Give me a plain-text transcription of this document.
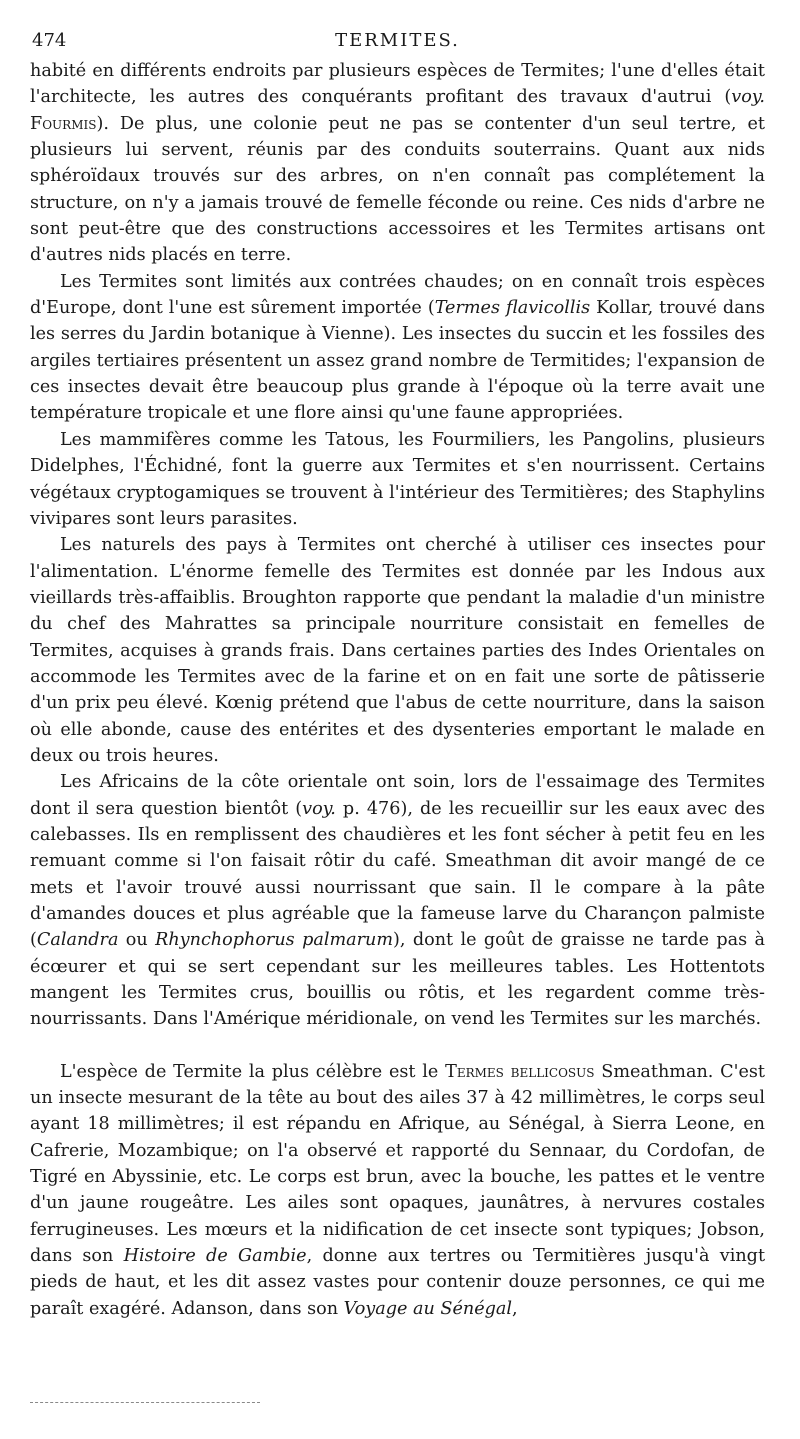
474	TERMITES.

habité en différents endroits par plusieurs espèces de Termites; l'une d'elles était l'architecte, les autres des conquérants profitant des travaux d'autrui (voy. Fourmis). De plus, une colonie peut ne pas se contenter d'un seul tertre, et plusieurs lui servent, réunis par des conduits souterrains. Quant aux nids sphéroïdaux trouvés sur des arbres, on n'en connaît pas complétement la structure, on n'y a jamais trouvé de femelle féconde ou reine. Ces nids d'arbre ne sont peut-être que des constructions accessoires et les Termites artisans ont d'autres nids placés en terre.

Les Termites sont limités aux contrées chaudes; on en connaît trois espèces d'Europe, dont l'une est sûrement importée (Termes flavicollis Kollar, trouvé dans les serres du Jardin botanique à Vienne). Les insectes du succin et les fossiles des argiles tertiaires présentent un assez grand nombre de Termitides; l'expansion de ces insectes devait être beaucoup plus grande à l'époque où la terre avait une température tropicale et une flore ainsi qu'une faune appropriées.

Les mammifères comme les Tatous, les Fourmiliers, les Pangolins, plusieurs Didelphes, l'Échidné, font la guerre aux Termites et s'en nourrissent. Certains végétaux cryptogamiques se trouvent à l'intérieur des Termitières; des Staphylins vivipares sont leurs parasites.

Les naturels des pays à Termites ont cherché à utiliser ces insectes pour l'alimentation. L'énorme femelle des Termites est donnée par les Indous aux vieillards très-affaiblis. Broughton rapporte que pendant la maladie d'un ministre du chef des Mahrattes sa principale nourriture consistait en femelles de Termites, acquises à grands frais. Dans certaines parties des Indes Orientales on accommode les Termites avec de la farine et on en fait une sorte de pâtisserie d'un prix peu élevé. Kœnig prétend que l'abus de cette nourriture, dans la saison où elle abonde, cause des entérites et des dysenteries emportant le malade en deux ou trois heures.

Les Africains de la côte orientale ont soin, lors de l'essaimage des Termites dont il sera question bientôt (voy. p. 476), de les recueillir sur les eaux avec des calebasses. Ils en remplissent des chaudières et les font sécher à petit feu en les remuant comme si l'on faisait rôtir du café. Smeathman dit avoir mangé de ce mets et l'avoir trouvé aussi nourrissant que sain. Il le compare à la pâte d'amandes douces et plus agréable que la fameuse larve du Charançon palmiste (Calandra ou Rhynchophorus palmarum), dont le goût de graisse ne tarde pas à écœurer et qui se sert cependant sur les meilleures tables. Les Hottentots mangent les Termites crus, bouillis ou rôtis, et les regardent comme très-nourrissants. Dans l'Amérique méridionale, on vend les Termites sur les marchés.

L'espèce de Termite la plus célèbre est le Termes bellicosus Smeathman. C'est un insecte mesurant de la tête au bout des ailes 37 à 42 millimètres, le corps seul ayant 18 millimètres; il est répandu en Afrique, au Sénégal, à Sierra Leone, en Cafrerie, Mozambique; on l'a observé et rapporté du Sennaar, du Cordofan, de Tigré en Abyssinie, etc. Le corps est brun, avec la bouche, les pattes et le ventre d'un jaune rougeâtre. Les ailes sont opaques, jaunâtres, à nervures costales ferrugineuses. Les mœurs et la nidification de cet insecte sont typiques; Jobson, dans son Histoire de Gambie, donne aux tertres ou Termitières jusqu'à vingt pieds de haut, et les dit assez vastes pour contenir douze personnes, ce qui me paraît exagéré. Adanson, dans son Voyage au Sénégal,
